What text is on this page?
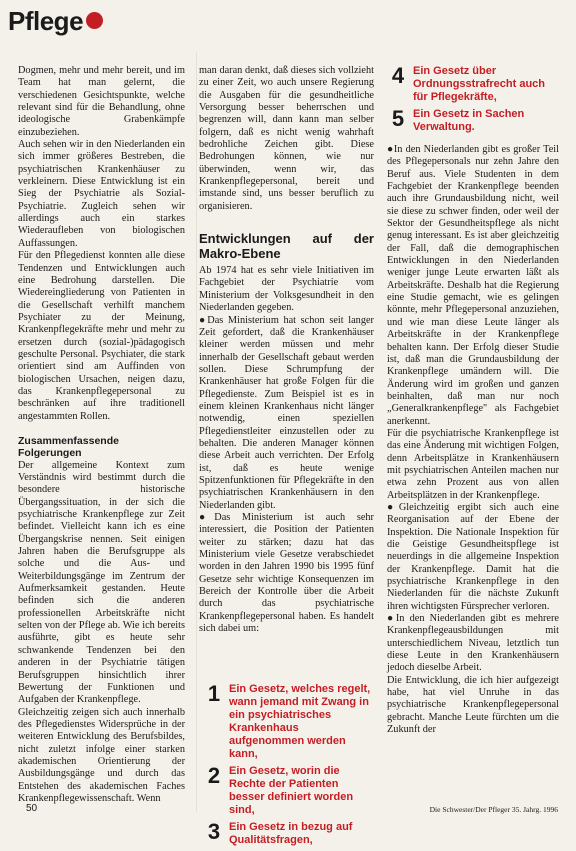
Pflege

Dogmen, mehr und mehr bereit, und im Team hat man gelernt, die verschiedenen Gesichtspunkte, welche relevant sind für die Behandlung, ohne ideologische Grabenkämpfe einzubeziehen.

Auch sehen wir in den Niederlanden ein sich immer größeres Bestreben, die psychiatrischen Krankenhäuser zu verkleinern. Diese Entwicklung ist ein Sieg der Psychiatrie als Sozial-Psychiatrie. Zugleich sehen wir allerdings auch ein starkes Wiederaufleben von biologischen Auffassungen.

Für den Pflegedienst konnten alle diese Tendenzen und Entwicklungen auch eine Bedrohung darstellen. Die Wiedereingliederung von Patienten in die Gesellschaft verhilft manchem Psychiater zu der Meinung, Krankenpflegekräfte mehr und mehr zu ersetzen durch (sozial-)pädagogisch geschulte Personal. Psychiater, die stark orientiert sind am Auffinden von biologischen Ursachen, neigen dazu, das Krankenpflegepersonal zu beschränken auf ihre traditionell angestammten Rollen.

Zusammenfassende Folgerungen

Der allgemeine Kontext zum Verständnis wird bestimmt durch die besondere historische Übergangssituation, in der sich die psychiatrische Krankenpflege zur Zeit befindet. Vielleicht kann ich es eine Übergangskrise nennen. Seit einigen Jahren haben die Berufsgruppe als solche und die Aus- und Weiterbildungsgänge im Zentrum der Aufmerksamkeit gestanden. Heute befinden sich die anderen professionellen Arbeitskräfte nicht selten von der Pflege ab. Wie ich bereits ausführte, gibt es heute sehr schwankende Tendenzen bei den anderen in der Psychiatrie tätigen Berufsgruppen hinsichtlich ihrer Bewertung der Funktionen und Aufgaben der Krankenpflege.

Gleichzeitig zeigen sich auch innerhalb des Pflegedienstes Widersprüche in der weiteren Entwicklung des Berufsbildes, nicht zuletzt infolge einer starken akademischen Orientierung der Ausbildungsgänge und durch das Entstehen des akademischen Faches Krankenpflegewissenschaft. Wenn

man daran denkt, daß dieses sich vollzieht zu einer Zeit, wo auch unsere Regierung die Ausgaben für die gesundheitliche Versorgung besser beherrschen und begrenzen will, dann kann man selber folgern, daß es nicht wenig wahrhaft bedrohliche Zeichen gibt. Diese Bedrohungen können, wie nur überwinden, wenn wir, das Krankenpflegepersonal, bereit und imstande sind, uns besser beruflich zu organisieren.

Entwicklungen auf der Makro-Ebene

Ab 1974 hat es sehr viele Initiativen im Fachgebiet der Psychiatrie vom Ministerium der Volksgesundheit in den Niederlanden gegeben.

●Das Ministerium hat schon seit langer Zeit gefordert, daß die Krankenhäuser kleiner werden müssen und mehr innerhalb der Gesellschaft gebaut werden sollen. Diese Schrumpfung der Krankenhäuser hat große Folgen für die Pflegedienste. Zum Beispiel ist es in einem kleinen Krankenhaus nicht länger notwendig, einen speziellen Pflegedienstleiter einzustellen oder zu behalten. Die anderen Manager können diese Arbeit auch verrichten. Der Erfolg ist, daß es heute wenige Spitzenfunktionen für Pflegekräfte in den psychiatrischen Krankenhäusern in den Niederlanden gibt.

●Das Ministerium ist auch sehr interessiert, die Position der Patienten weiter zu stärken; dazu hat das Ministerium viele Gesetze verabschiedet worden in den Jahren 1990 bis 1995 fünf Gesetze sehr wichtige Konsequenzen im Bereich der Kontrolle über die Arbeit durch das psychiatrische Krankenpflegepersonal haben. Es handelt sich dabei um:

1 Ein Gesetz, welches regelt, wann jemand mit Zwang in ein psychiatrisches Krankenhaus aufgenommen werden kann,
2 Ein Gesetz, worin die Rechte der Patienten besser definiert worden sind,
3 Ein Gesetz in bezug auf Qualitätsfragen,
4 Ein Gesetz über Ordnungsstrafrecht auch für Pflegekräfte,
5 Ein Gesetz in Sachen Verwaltung.

●In den Niederlanden gibt es großer Teil des Pflegepersonals nur zehn Jahre den Beruf aus. Viele Studenten in dem Fachgebiet der Krankenpflege beenden auch ihre Grundausbildung nicht, weil sie diese zu schwer finden, oder weil der Sektor der Gesundheitspflege als nicht genug interessant. Es ist aber gleichzeitig der Fall, daß die demographischen Entwicklungen in den Niederlanden weniger junge Leute erwarten läßt als Arbeitskräfte. Deshalb hat die Regierung eine Studie gemacht, wie es gelingen könnte, mehr Pflegepersonal anzuziehen, und wie man diese Leute länger als Arbeitskräfte in der Krankenpflege behalten kann. Der Erfolg dieser Studie ist, daß man die Grundausbildung der Krankenpflege umändern will. Die Änderung wird im großen und ganzen beinhalten, daß man nur noch „Generalkrankenpflege" als Fachgebiet anerkennt.

Für die psychiatrische Krankenpflege ist das eine Änderung mit wichtigen Folgen, denn Arbeitsplätze in Krankenhäusern mit psychiatrischen Anteilen machen nur etwa zehn Prozent aus von allen Arbeitsplätzen in der Krankenpflege.

●Gleichzeitig ergibt sich auch eine Reorganisation auf der Ebene der Inspektion. Die Nationale Inspektion für die Geistige Gesundheitspflege ist neuerdings in die allgemeine Inspektion der Krankenpflege. Damit hat die psychiatrische Krankenpflege in den Niederlanden für die nächste Zukunft ihren wichtigsten Fürsprecher verloren.

●In den Niederlanden gibt es mehrere Krankenpflegeausbildungen mit unterschiedlichem Niveau, letztlich tun diese Leute in den Krankenhäusern jedoch dieselbe Arbeit.

Die Entwicklung, die ich hier aufgezeigt habe, hat viel Unruhe in das psychiatrische Krankenpflegepersonal gebracht. Manche Leute fürchten um die Zukunft der

50	Die Schwester/Der Pfleger 35. Jahrg. 1996
